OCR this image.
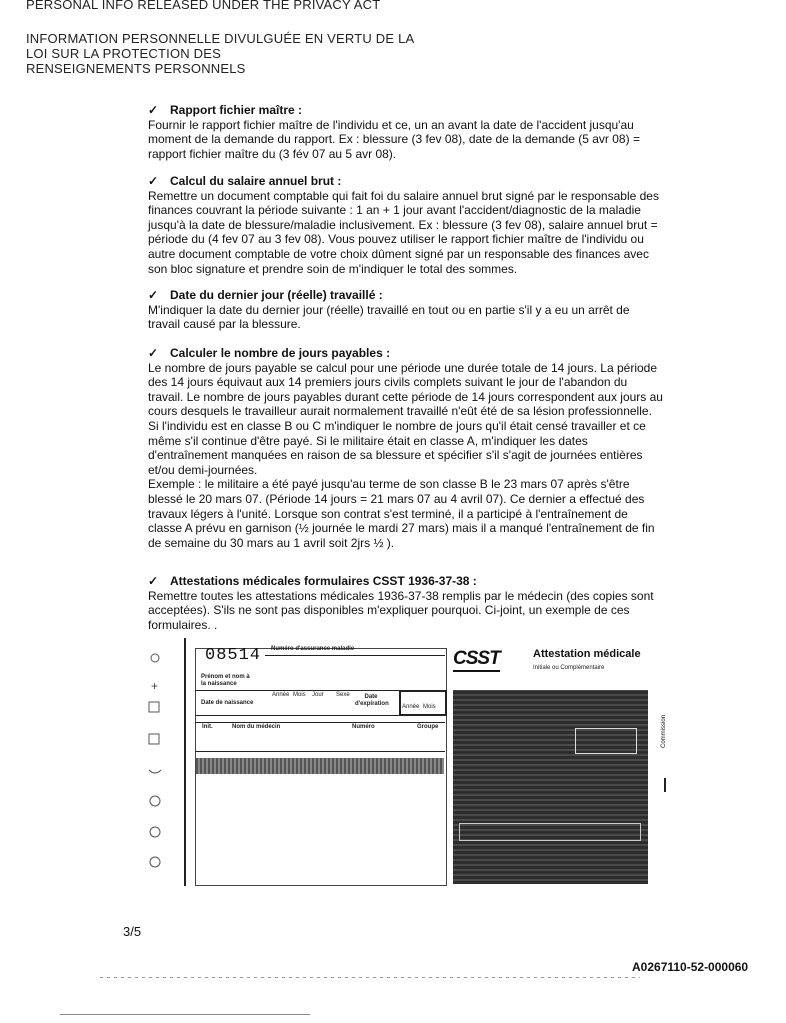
PERSONAL INFO RELEASED UNDER THE PRIVACY ACT
INFORMATION PERSONNELLE DIVULGUÉE EN VERTU DE LA
LOI SUR LA PROTECTION DES
RENSEIGNEMENTS PERSONNELS
✓ Rapport fichier maître :

Fournir le rapport fichier maître de l'individu et ce, un an avant la date de l'accident jusqu'au moment de la demande du rapport. Ex : blessure (3 fev 08), date de la demande (5 avr 08) = rapport fichier maître du (3 fév 07 au 5 avr 08).

✓ Calcul du salaire annuel brut :

Remettre un document comptable qui fait foi du salaire annuel brut signé par le responsable des finances couvrant la période suivante : 1 an + 1 jour avant l'accident/diagnostic de la maladie jusqu'à la date de blessure/maladie inclusivement. Ex : blessure (3 fev 08), salaire annuel brut = période du (4 fev 07 au 3 fev 08). Vous pouvez utiliser le rapport fichier maître de l'individu ou autre document comptable de votre choix dûment signé par un responsable des finances avec son bloc signature et prendre soin de m'indiquer le total des sommes.

✓ Date du dernier jour (réelle) travaillé :

M'indiquer la date du dernier jour (réelle) travaillé en tout ou en partie s'il y a eu un arrêt de travail causé par la blessure.

✓ Calculer le nombre de jours payables :

Le nombre de jours payable se calcul pour une période une durée totale de 14 jours. La période des 14 jours équivaut aux 14 premiers jours civils complets suivant le jour de l'abandon du travail. Le nombre de jours payables durant cette période de 14 jours correspondent aux jours au cours desquels le travailleur aurait normalement travaillé n'eût été de sa lésion professionnelle. Si l'individu est en classe B ou C m'indiquer le nombre de jours qu'il était censé travailler et ce même s'il continue d'être payé. Si le militaire était en classe A, m'indiquer les dates d'entraînement manquées en raison de sa blessure et spécifier s'il s'agit de journées entières et/ou demi-journées.

Exemple : le militaire a été payé jusqu'au terme de son classe B le 23 mars 07 après s'être blessé le 20 mars 07. (Période 14 jours = 21 mars 07 au 4 avril 07). Ce dernier a effectué des travaux légers à l'unité. Lorsque son contrat s'est terminé, il a participé à l'entraînement de classe A prévu en garnison (½ journée le mardi 27 mars) mais il a manqué l'entraînement de fin de semaine du 30 mars au 1 avril soit 2jrs ½ ).

✓ Attestations médicales formulaires CSST 1936-37-38 :

Remettre toutes les attestations médicales 1936-37-38 remplis par le médecin (des copies sont acceptées). S'ils ne sont pas disponibles m'expliquer pourquoi. Ci-joint, un exemple de ces formulaires. .

+
08514 Numéro d'assurance maladie
Prénom et nom à la naissance
Date de naissance
Année Mois Jour Sexe	Date d'expiration Année Mois
Init.	Nom du médecin	Numéro	Groupe
CSST	Attestation médicale
Initiale ou Complémentaire
Commission
3/5
A0267110-52-000060
